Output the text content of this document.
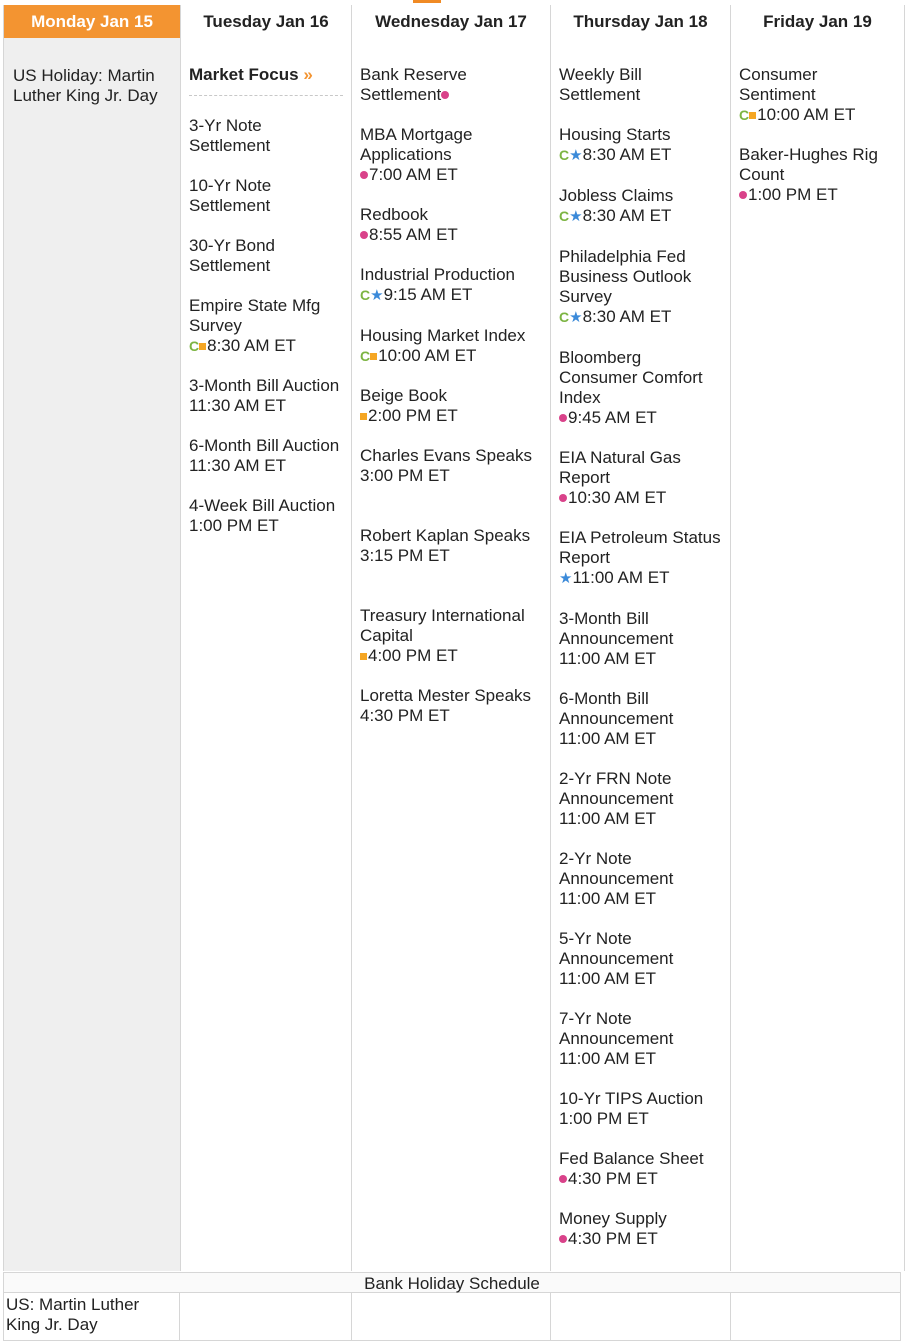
Monday Jan 15
US Holiday: Martin Luther King Jr. Day
Tuesday Jan 16
Market Focus »
3-Yr Note Settlement
10-Yr Note Settlement
30-Yr Bond Settlement
Empire State Mfg Survey
C 8:30 AM ET
3-Month Bill Auction
11:30 AM ET
6-Month Bill Auction
11:30 AM ET
4-Week Bill Auction
1:00 PM ET
Wednesday Jan 17
Bank Reserve Settlement
MBA Mortgage Applications
7:00 AM ET
Redbook
8:55 AM ET
Industrial Production
C★9:15 AM ET
Housing Market Index
C 10:00 AM ET
Beige Book
2:00 PM ET
Charles Evans Speaks
3:00 PM ET
Robert Kaplan Speaks
3:15 PM ET
Treasury International Capital
4:00 PM ET
Loretta Mester Speaks
4:30 PM ET
Thursday Jan 18
Weekly Bill Settlement
Housing Starts
C★8:30 AM ET
Jobless Claims
C★8:30 AM ET
Philadelphia Fed Business Outlook Survey
C★8:30 AM ET
Bloomberg Consumer Comfort Index
9:45 AM ET
EIA Natural Gas Report
10:30 AM ET
EIA Petroleum Status Report
★11:00 AM ET
3-Month Bill Announcement
11:00 AM ET
6-Month Bill Announcement
11:00 AM ET
2-Yr FRN Note Announcement
11:00 AM ET
2-Yr Note Announcement
11:00 AM ET
5-Yr Note Announcement
11:00 AM ET
7-Yr Note Announcement
11:00 AM ET
10-Yr TIPS Auction
1:00 PM ET
Fed Balance Sheet
4:30 PM ET
Money Supply
4:30 PM ET
Friday Jan 19
Consumer Sentiment
C 10:00 AM ET
Baker-Hughes Rig Count
1:00 PM ET
Bank Holiday Schedule
US: Martin Luther King Jr. Day
